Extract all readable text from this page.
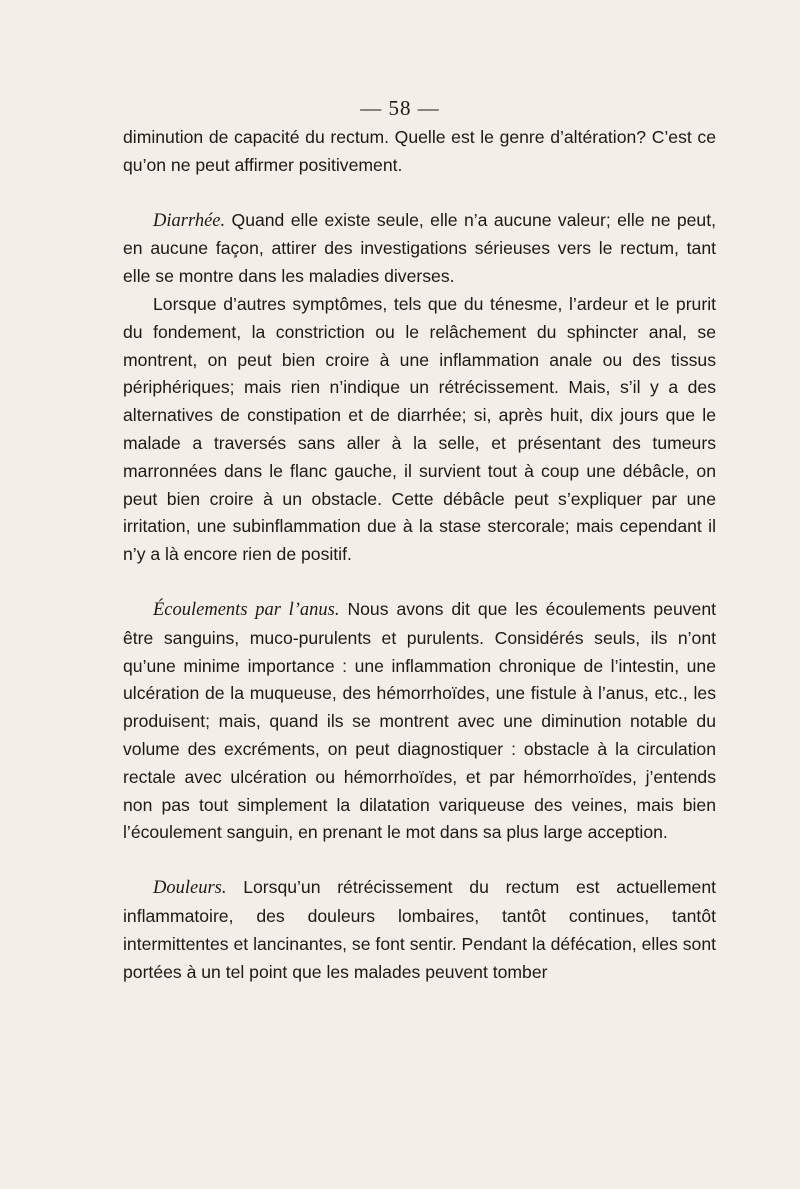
— 58 —

diminution de capacité du rectum. Quelle est le genre d’altération? C’est ce qu’on ne peut affirmer positivement.

Diarrhée. Quand elle existe seule, elle n’a aucune valeur; elle ne peut, en aucune façon, attirer des investigations sérieuses vers le rectum, tant elle se montre dans les maladies diverses.

Lorsque d’autres symptômes, tels que du ténesme, l’ardeur et le prurit du fondement, la constriction ou le relâchement du sphincter anal, se montrent, on peut bien croire à une inflammation anale ou des tissus périphériques; mais rien n’indique un rétrécissement. Mais, s’il y a des alternatives de constipation et de diarrhée; si, après huit, dix jours que le malade a traversés sans aller à la selle, et présentant des tumeurs marronnées dans le flanc gauche, il survient tout à coup une débâcle, on peut bien croire à un obstacle. Cette débâcle peut s’expliquer par une irritation, une subinflammation due à la stase stercorale; mais cependant il n’y a là encore rien de positif.

Écoulements par l’anus. Nous avons dit que les écoulements peuvent être sanguins, muco-purulents et purulents. Considérés seuls, ils n’ont qu’une minime importance : une inflammation chronique de l’intestin, une ulcération de la muqueuse, des hémorrhoïdes, une fistule à l’anus, etc., les produisent; mais, quand ils se montrent avec une diminution notable du volume des excréments, on peut diagnostiquer : obstacle à la circulation rectale avec ulcération ou hémorrhoïdes, et par hémorrhoïdes, j’entends non pas tout simplement la dilatation variqueuse des veines, mais bien l’écoulement sanguin, en prenant le mot dans sa plus large acception.

Douleurs. Lorsqu’un rétrécissement du rectum est actuellement inflammatoire, des douleurs lombaires, tantôt continues, tantôt intermittentes et lancinantes, se font sentir. Pendant la défécation, elles sont portées à un tel point que les malades peuvent tomber
